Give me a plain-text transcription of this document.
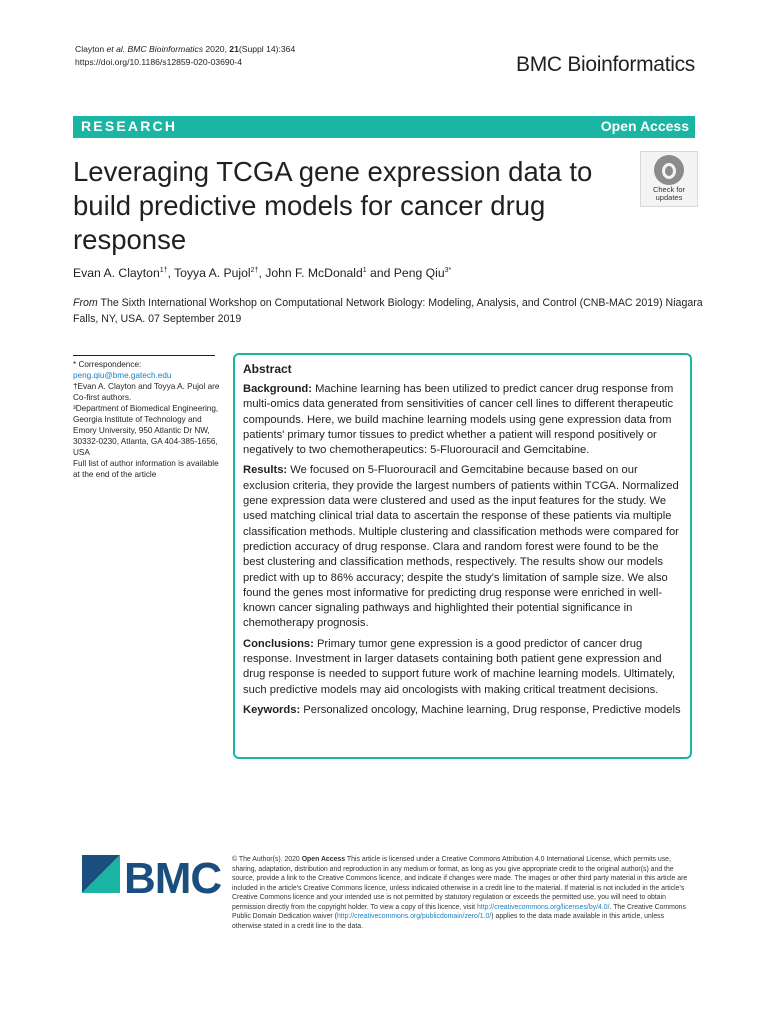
Clayton et al. BMC Bioinformatics 2020, 21(Suppl 14):364
https://doi.org/10.1186/s12859-020-03690-4	BMC Bioinformatics
RESEARCH	Open Access
Leveraging TCGA gene expression data to build predictive models for cancer drug response
Check for
updates
Evan A. Clayton$^{1\dagger}$, Toyya A. Pujol$^{2\dagger}$, John F. McDonald$^1$ and Peng Qiu$^{3*}$
From The Sixth International Workshop on Computational Network Biology: Modeling, Analysis, and Control (CNB-MAC 2019) Niagara Falls, NY, USA. 07 September 2019
* Correspondence: peng.qiu@bme.gatech.edu
†Evan A. Clayton and Toyya A. Pujol are Co-first authors.
³Department of Biomedical Engineering, Georgia Institute of Technology and Emory University, 950 Atlantic Dr NW, 30332-0230, Atlanta, GA 404-385-1656, USA
Full list of author information is available at the end of the article
Abstract

Background: Machine learning has been utilized to predict cancer drug response from multi-omics data generated from sensitivities of cancer cell lines to different therapeutic compounds. Here, we build machine learning models using gene expression data from patients' primary tumor tissues to predict whether a patient will respond positively or negatively to two chemotherapeutics: 5-Fluorouracil and Gemcitabine.

Results: We focused on 5-Fluorouracil and Gemcitabine because based on our exclusion criteria, they provide the largest numbers of patients within TCGA. Normalized gene expression data were clustered and used as the input features for the study. We used matching clinical trial data to ascertain the response of these patients via multiple classification methods. Multiple clustering and classification methods were compared for prediction accuracy of drug response. Clara and random forest were found to be the best clustering and classification methods, respectively. The results show our models predict with up to 86% accuracy; despite the study's limitation of sample size. We also found the genes most informative for predicting drug response were enriched in well-known cancer signaling pathways and highlighted their potential significance in chemotherapy prognosis.

Conclusions: Primary tumor gene expression is a good predictor of cancer drug response. Investment in larger datasets containing both patient gene expression and drug response is needed to support future work of machine learning models. Ultimately, such predictive models may aid oncologists with making critical treatment decisions.

Keywords: Personalized oncology, Machine learning, Drug response, Predictive models

BMC © The Author(s). 2020 Open Access This article is licensed under a Creative Commons Attribution 4.0 International License, which permits use, sharing, adaptation, distribution and reproduction in any medium or format, as long as you give appropriate credit to the original author(s) and the source, provide a link to the Creative Commons licence, and indicate if changes were made. The images or other third party material in this article are included in the article's Creative Commons licence, unless indicated otherwise in a credit line to the material. If material is not included in the article's Creative Commons licence and your intended use is not permitted by statutory regulation or exceeds the permitted use, you will need to obtain permission directly from the copyright holder. To view a copy of this licence, visit http://creativecommons.org/licenses/by/4.0/. The Creative Commons Public Domain Dedication waiver (http://creativecommons.org/publicdomain/zero/1.0/) applies to the data made available in this article, unless otherwise stated in a credit line to the data.
